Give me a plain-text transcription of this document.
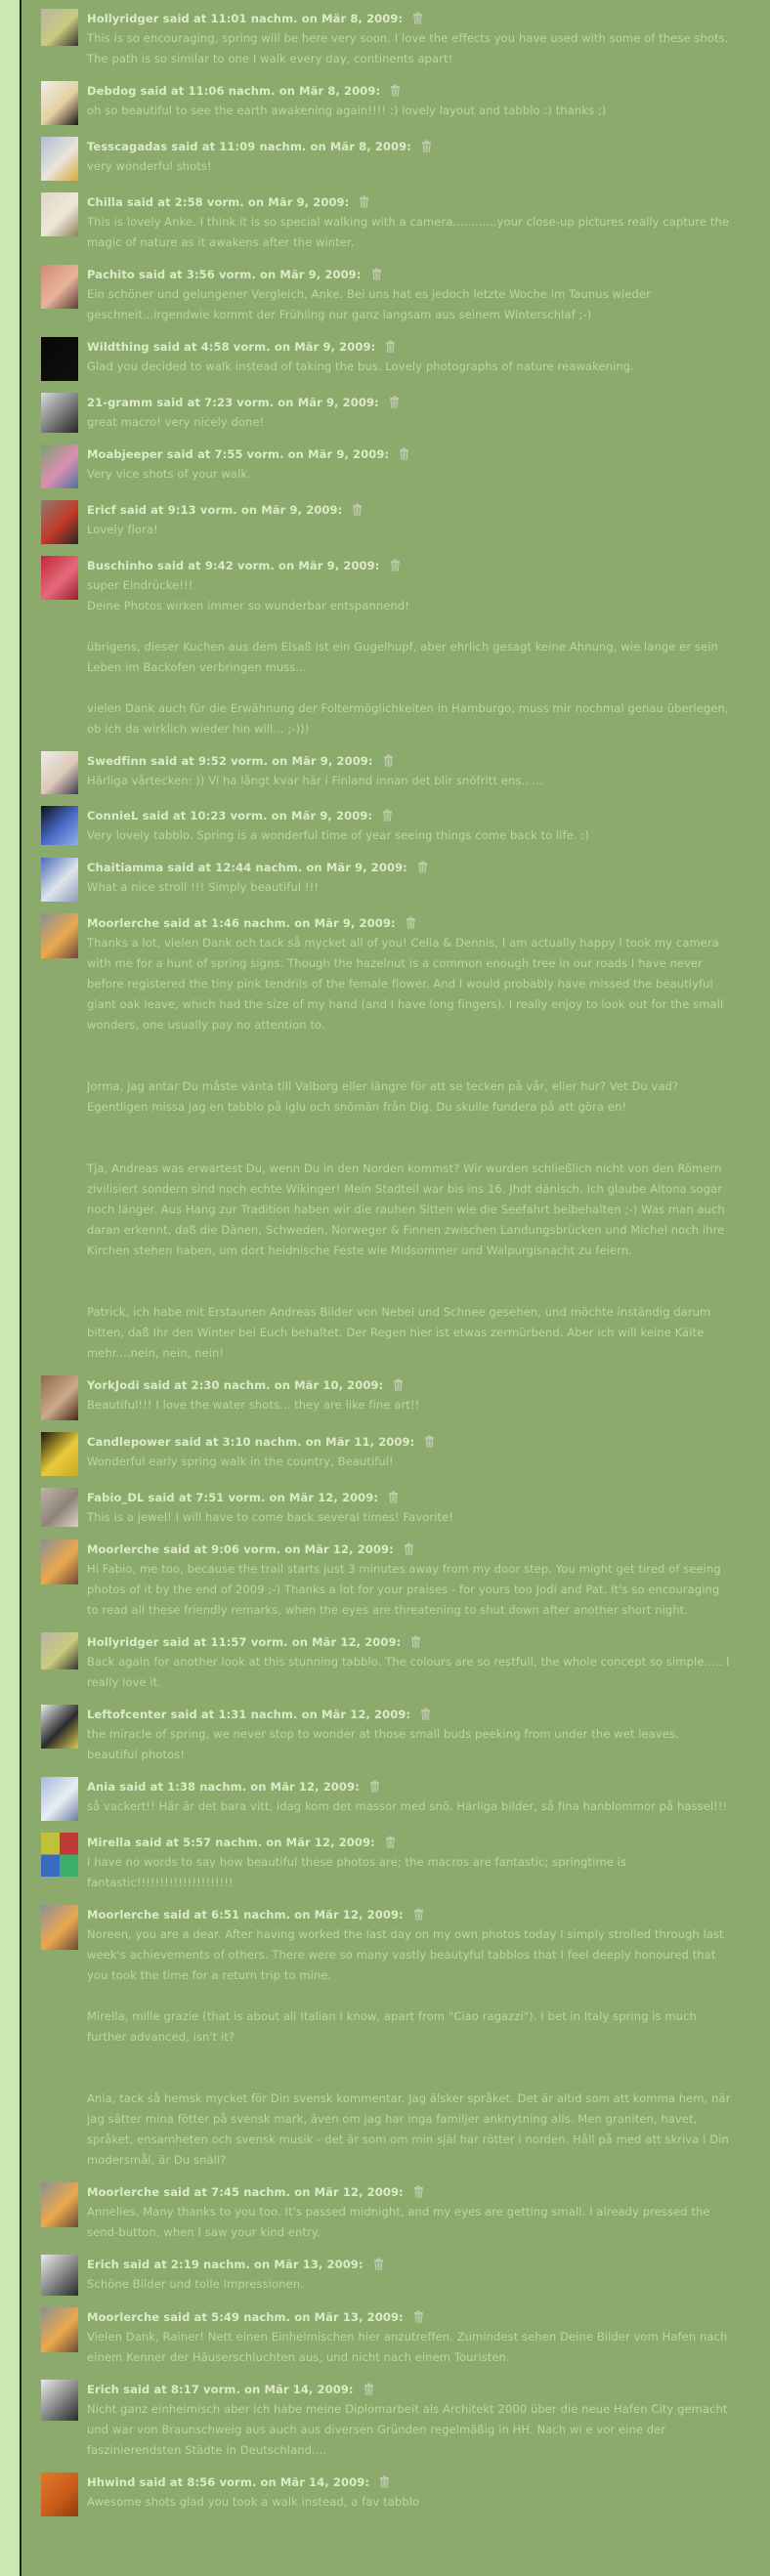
Hollyridger said at 11:01 nachm. on Mär 8, 2009:
This is so encouraging, spring will be here very soon. I love the effects you have used with some of these shots. The path is so similar to one I walk every day, continents apart!
Debdog said at 11:06 nachm. on Mär 8, 2009:
oh so beautiful to see the earth awakening again!!!! :) lovely layout and tabblo :) thanks ;)
Tesscagadas said at 11:09 nachm. on Mär 8, 2009:
very wonderful shots!
Chilla said at 2:58 vorm. on Mär 9, 2009:
This is lovely Anke. I think it is so special walking with a camera............your close-up pictures really capture the magic of nature as it awakens after the winter.
Pachito said at 3:56 vorm. on Mär 9, 2009:
Ein schöner und gelungener Vergleich, Anke. Bei uns hat es jedoch letzte Woche im Taunus wieder geschneit...irgendwie kommt der Frühling nur ganz langsam aus seinem Winterschlaf ;-)
Wildthing said at 4:58 vorm. on Mär 9, 2009:
Glad you decided to walk instead of taking the bus. Lovely photographs of nature reawakening.
21-gramm said at 7:23 vorm. on Mär 9, 2009:
great macro! very nicely done!
Moabjeeper said at 7:55 vorm. on Mär 9, 2009:
Very vice shots of your walk.
Ericf said at 9:13 vorm. on Mär 9, 2009:
Lovely flora!
Buschinho said at 9:42 vorm. on Mär 9, 2009:
super Eindrücke!!!
Deine Photos wirken immer so wunderbar entspannend!
übrigens, dieser Kuchen aus dem Elsaß ist ein Gugelhupf, aber ehrlich gesagt keine Ahnung, wie lange er sein Leben im Backofen verbringen muss...
vielen Dank auch für die Erwähnung der Foltermöglichkeiten in Hamburgo, muss mir nochmal genau überlegen, ob ich da wirklich wieder hin will... ;-)))
Swedfinn said at 9:52 vorm. on Mär 9, 2009:
Härliga vårtecken: )) Vi ha långt kvar här i Finland innan det blir snöfritt ens.. ...
ConnieL said at 10:23 vorm. on Mär 9, 2009:
Very lovely tabblo. Spring is a wonderful time of year seeing things come back to life. :)
Chaitiamma said at 12:44 nachm. on Mär 9, 2009:
What a nice stroll !!! Simply beautiful !!!
Moorlerche said at 1:46 nachm. on Mär 9, 2009:
Thanks a lot, vielen Dank och tack så mycket all of you! Celia & Dennis, I am actually happy I took my camera with me for a hunt of spring signs. Though the hazelnut is a common enough tree in our roads I have never before registered the tiny pink tendrils of the female flower. And I would probably have missed the beautiyful giant oak leave, which had the size of my hand (and I have long fingers). I really enjoy to look out for the small wonders, one usually pay no attention to.
Jorma, jag antar Du måste vänta till Valborg eller längre för att se tecken på vår, eller hur? Vet Du vad? Egentligen missa jag en tabblo på iglu och snömän från Dig. Du skulle fundera på att göra en!
Tja, Andreas was erwartest Du, wenn Du in den Norden kommst? Wir wurden schließlich nicht von den Römern zivilisiert sondern sind noch echte Wikinger! Mein Stadteil war bis ins 16. Jhdt dänisch. Ich glaube Altona sogar noch länger. Aus Hang zur Tradition haben wir die rauhen Sitten wie die Seefahrt beibehalten ;-) Was man auch daran erkennt, daß die Dänen, Schweden, Norweger & Finnen zwischen Landungsbrücken und Michel noch ihre Kirchen stehen haben, um dort heidnische Feste wie Midsommer und Walpurgisnacht zu feiern.
Patrick, ich habe mit Erstaunen Andreas Bilder von Nebel und Schnee gesehen, und möchte inständig darum bitten, daß Ihr den Winter bei Euch behaltet. Der Regen hier ist etwas zermürbend. Aber ich will keine Kälte mehr....nein, nein, nein!
YorkJodi said at 2:30 nachm. on Mär 10, 2009:
Beautiful!!! I love the water shots... they are like fine art!!
Candlepower said at 3:10 nachm. on Mär 11, 2009:
Wonderful early spring walk in the country, Beautiful!
Fabio_DL said at 7:51 vorm. on Mär 12, 2009:
This is a jewel! I will have to come back several times! Favorite!
Moorlerche said at 9:06 vorm. on Mär 12, 2009:
Hi Fabio, me too, because the trail starts just 3 minutes away from my door step. You might get tired of seeing photos of it by the end of 2009 ;-) Thanks a lot for your praises - for yours too Jodi and Pat. It's so encouraging to read all these friendly remarks, when the eyes are threatening to shut down after another short night.
Hollyridger said at 11:57 vorm. on Mär 12, 2009:
Back again for another look at this stunning tabblo. The colours are so restfull, the whole concept so simple..... I really love it.
Leftofcenter said at 1:31 nachm. on Mär 12, 2009:
the miracle of spring, we never stop to wonder at those small buds peeking from under the wet leaves. beautiful photos!
Ania said at 1:38 nachm. on Mär 12, 2009:
så vackert!! Här är det bara vitt, idag kom det massor med snö. Härliga bilder, så fina hanblommor på hassel!!!
Mirella said at 5:57 nachm. on Mär 12, 2009:
I have no words to say how beautiful these photos are; the macros are fantastic; springtime is fantastic!!!!!!!!!!!!!!!!!!!!!
Moorlerche said at 6:51 nachm. on Mär 12, 2009:
Noreen, you are a dear. After having worked the last day on my own photos today I simply strolled through last week's achievements of others. There were so many vastly beautyful tabblos that I feel deeply honoured that you took the time for a return trip to mine.
Mirella, mille grazie (that is about all Italian I know, apart from "Ciao ragazzi"). I bet in Italy spring is much further advanced, isn't it?
Ania, tack så hemsk mycket för Din svensk kommentar. Jag älsker språket. Det är altid som att komma hem, när jag sätter mina fötter på svensk mark, även om jag har inga familjer anknytning alls. Men graniten, havet, språket, ensamheten och svensk musik - det är som om min själ har rötter i norden. Håll på med att skriva i Din modersmål, är Du snäll?
Moorlerche said at 7:45 nachm. on Mär 12, 2009:
Annelies, Many thanks to you too. It's passed midnight, and my eyes are getting small. I already pressed the send-button, when I saw your kind entry.
Erich said at 2:19 nachm. on Mär 13, 2009:
Schöne Bilder und tolle Impressionen.
Moorlerche said at 5:49 nachm. on Mär 13, 2009:
Vielen Dank, Rainer! Nett einen Einheimischen hier anzutreffen. Zumindest sehen Deine Bilder vom Hafen nach einem Kenner der Häuserschluchten aus, und nicht nach einem Touristen.
Erich said at 8:17 vorm. on Mär 14, 2009:
Nicht ganz einheimisch aber ich habe meine Diplomarbeit als Architekt 2000 über die neue Hafen City gemacht und war von Braunschweig aus auch aus diversen Gründen regelmäßig in HH. Nach wi e vor eine der faszinierendsten Städte in Deutschland....
Hhwind said at 8:56 vorm. on Mär 14, 2009:
Awesome shots glad you took a walk instead, a fav tabblo
